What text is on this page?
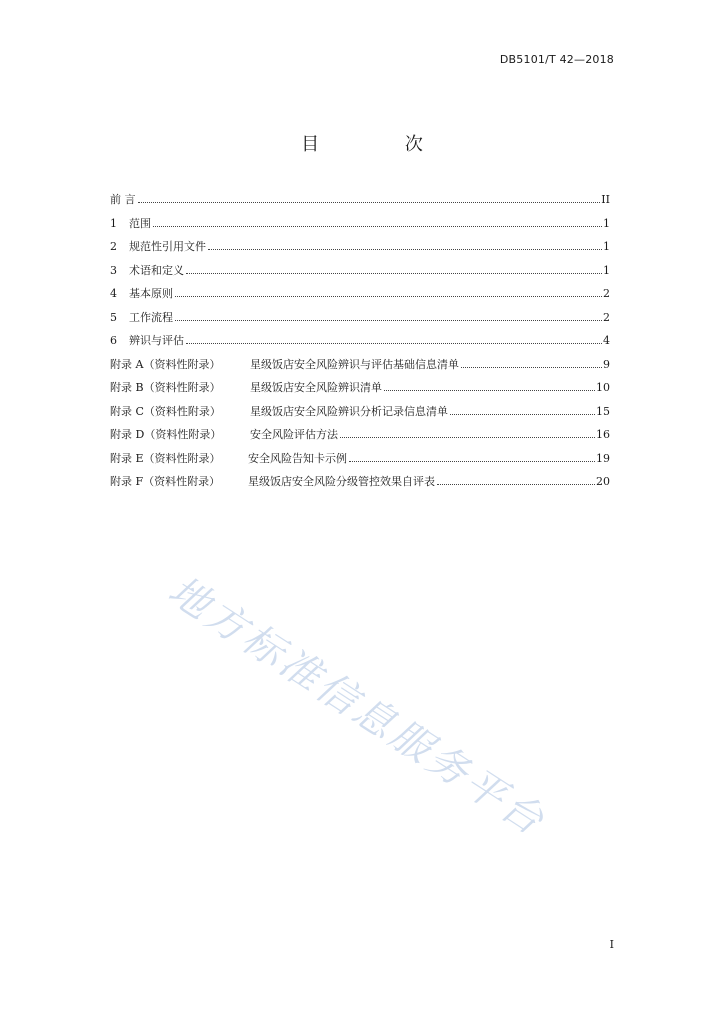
DB5101/T 42—2018
目 次
前 言	II
1	范围	1
2	规范性引用文件	1
3	术语和定义	1
4	基本原则	2
5	工作流程	2
6	辨识与评估	4
附录 A（资料性附录）	星级饭店安全风险辨识与评估基础信息清单	9
附录 B（资料性附录）	星级饭店安全风险辨识清单	10
附录 C（资料性附录）	星级饭店安全风险辨识分析记录信息清单	15
附录 D（资料性附录）	安全风险评估方法	16
附录 E（资料性附录）	安全风险告知卡示例	19
附录 F（资料性附录）	星级饭店安全风险分级管控效果自评表	20
地方标准信息服务平台
I
